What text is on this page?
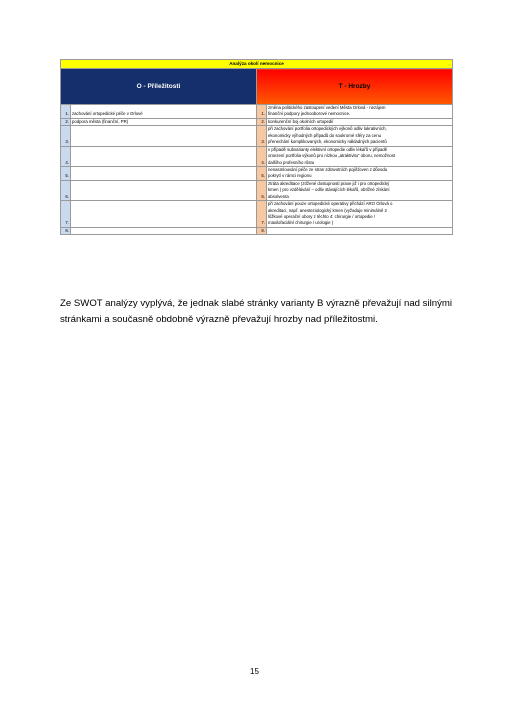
Analýza okolí nemocnice			
O - Příležitosti		T - Hrozby	
1.	zachování ortopedické péče v Orlové	1.	změna politického zastoupení vedení Města Orlová - nezájem
finanční podpory jednooborové nemocnice.

2.	podpora města (finanční, PR)	2.	konkurenční boj okolních ortopedií

3.		3.	při zachování portfolia ortopedických výkonů odliv lukrativních,
ekonomicky výhodných případů do soukromé sféry za cenu
přenechání komplikovaných, ekonomicky nákladných pacientů

4.		4.	v případě subvarianty elektivní ortopedie odliv lékařů v případě
omezení portfolia výkonů pro nízkou „atraktivitu“ oboru, nemožnost
dalšího profesního růstu

5.		5.	nenasmlouvání péče ze stran zdravotních pojišťoven z důvodu
pokrytí v rámci regionu

6.		6.	ztráta akreditace (ztížené dostupnosti praxe již i pro ortopedický
kmen ) pro vzdělávání – odliv stávajících lékařů, obtížné získání
absolventa

7.		7.	při zachování pouze ortopedické operativy přichází ARO Orlová o
akreditaci, např. anesteziologický kmen (vyžaduje minimálně 2
lůžkové operační obory z těchto 4: chirurgie / ortopedie /
maxilofaciální chirurgie / urologie )

8.		8.	
Ze SWOT analýzy vyplývá, že jednak slabé stránky varianty B výrazně převažují nad silnými stránkami a současně obdobně výrazně převažují hrozby nad příležitostmi.
15
